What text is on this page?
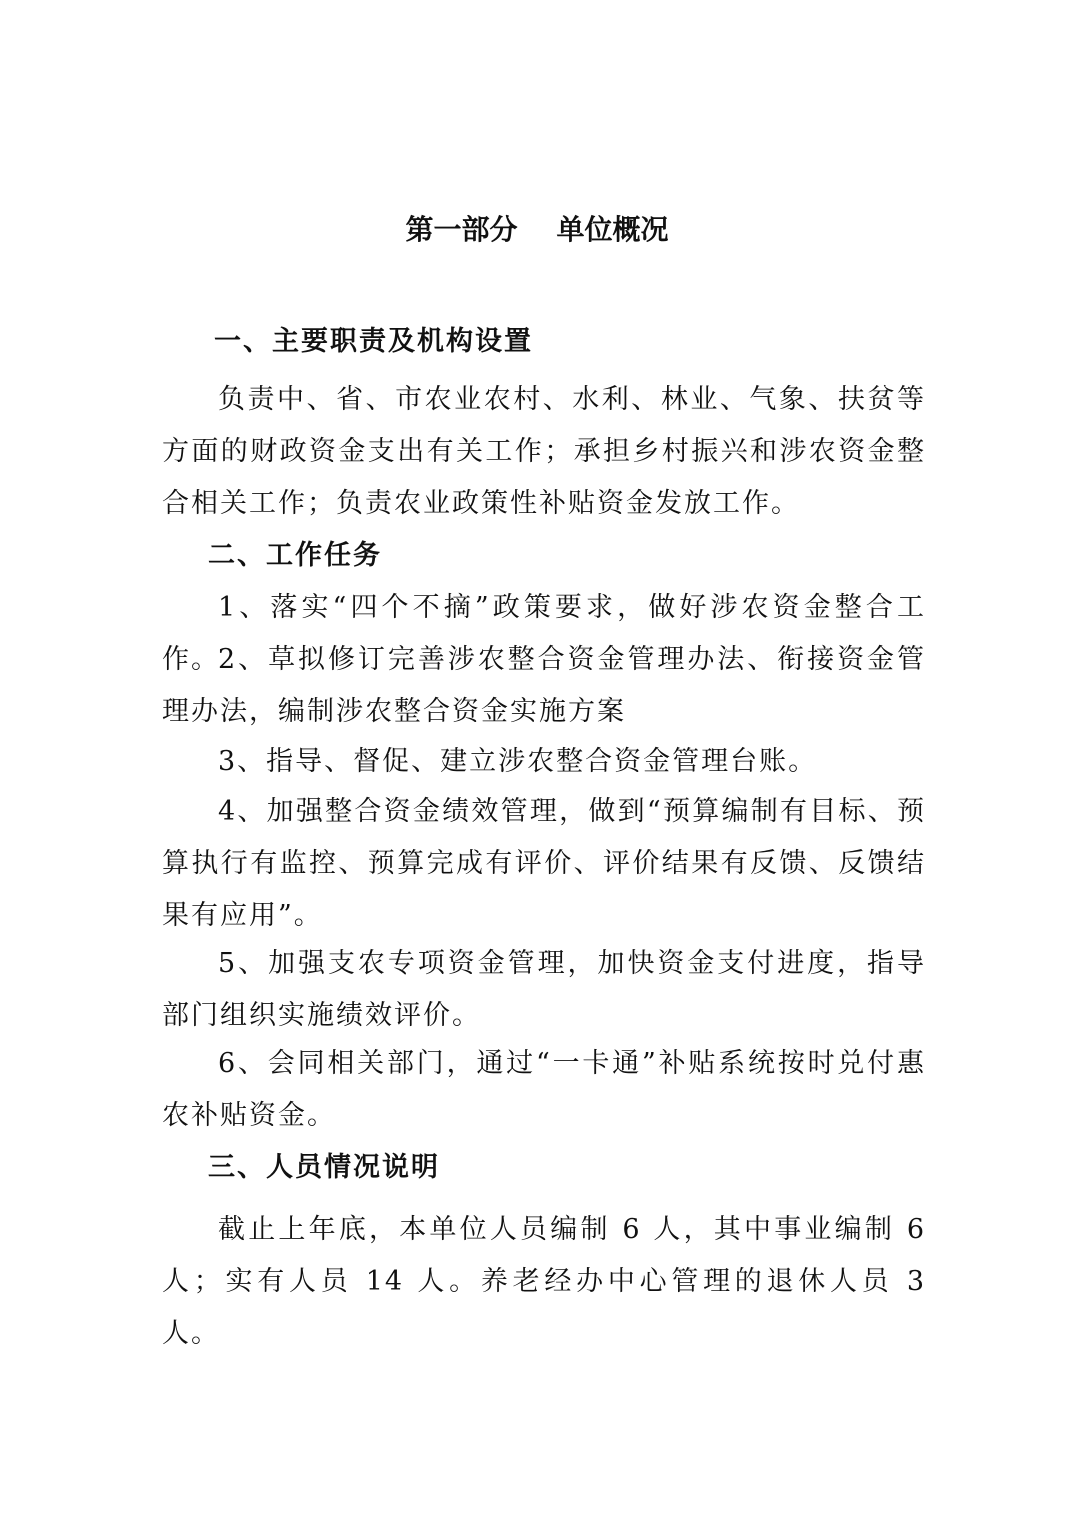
第一部分    单位概况
一、主要职责及机构设置
负责中、省、市农业农村、水利、林业、气象、扶贫等方面的财政资金支出有关工作；承担乡村振兴和涉农资金整合相关工作；负责农业政策性补贴资金发放工作。
二、工作任务
1、落实“四个不摘”政策要求，做好涉农资金整合工作。
2、草拟修订完善涉农整合资金管理办法、衔接资金管理办法，编制涉农整合资金实施方案
3、指导、督促、建立涉农整合资金管理台账。
4、加强整合资金绩效管理，做到“预算编制有目标、预算执行有监控、预算完成有评价、评价结果有反馈、反馈结果有应用”。
5、加强支农专项资金管理，加快资金支付进度，指导部门组织实施绩效评价。
6、会同相关部门，通过“一卡通”补贴系统按时兑付惠农补贴资金。
三、人员情况说明
截止上年底，本单位人员编制 6 人，其中事业编制 6 人；实有人员 14 人。养老经办中心管理的退休人员 3 人。
